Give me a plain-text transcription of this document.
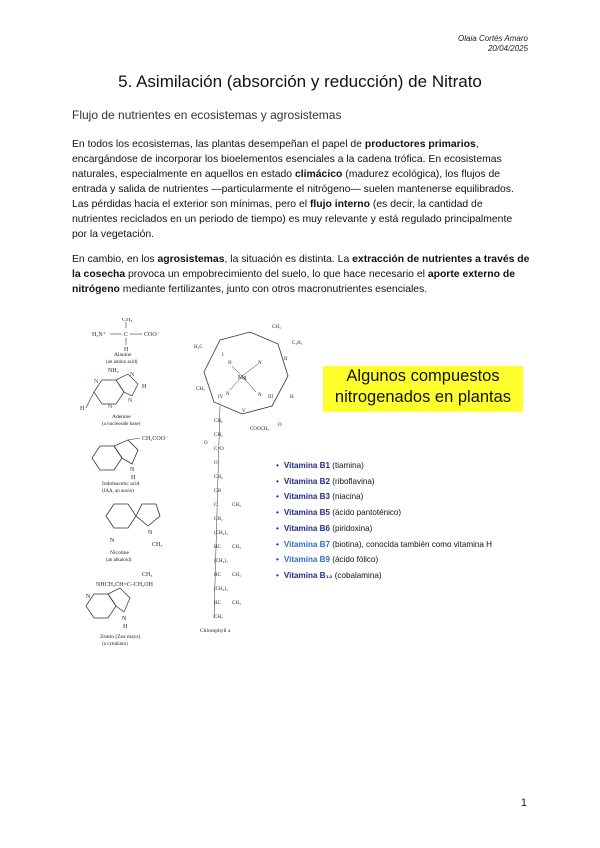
Olaia Cortés Amaro
20/04/2025
5. Asimilación (absorción y reducción) de Nitrato
Flujo de nutrientes en ecosistemas y agrosistemas
En todos los ecosistemas, las plantas desempeñan el papel de productores primarios, encargándose de incorporar los bioelementos esenciales a la cadena trófica. En ecosistemas naturales, especialmente en aquellos en estado climácico (madurez ecológica), los flujos de entrada y salida de nutrientes —particularmente el nitrógeno— suelen mantenerse equilibrados. Las pérdidas hacia el exterior son mínimas, pero el flujo interno (es decir, la cantidad de nutrientes reciclados en un periodo de tiempo) es muy relevante y está regulado principalmente por la vegetación.
En cambio, en los agrosistemas, la situación es distinta. La extracción de nutrientes a través de la cosecha provoca un empobrecimiento del suelo, lo que hace necesario el aporte externo de nitrógeno mediante fertilizantes, junto con otros macronutrientes esenciales.
H₃N⁺	C	COO⁻
CH₃
H
Alanine
(an amino acid)
NH₂
N
N
N
N
H
H
Adenine
(a nucleoside base)
CH₂COO⁻
N
H
Indoleacetic acid
(IAA, an auxin)
N
N
CH₃
Nicotine
(an alkaloid)
CH₃
NHCH₂CH=C–CH₂OH
N
N
H
Zeatin (Zea mays)
(a cytokinin)
Mg
N	N
N	N
I
II
III
IV
V
CH₃
H₃C
C₂H₅
CH₃
H
COOCH₃
O
O
CH₂
CH₂
C=O
O
CH₂
CH
C
CH₂
(CH₂)₃
HC
(CH₂)₃
HC
(CH₂)₃
HC
CH₃
CH₃
CH₃
CH₃
CH₃
Chlorophyll a
Algunos compuestos
nitrogenados en plantas
• Vitamina B1 (tiamina)
• Vitamina B2 (riboflavina)
• Vitamina B3 (niacina)
• Vitamina B5 (ácido pantoténico)
• Vitamina B6 (piridoxina)
• Vitamina B7 (biotina), conocida también como vitamina H
• Vitamina B9 (ácido fólico)
• Vitamina B₁₂ (cobalamina)
1
